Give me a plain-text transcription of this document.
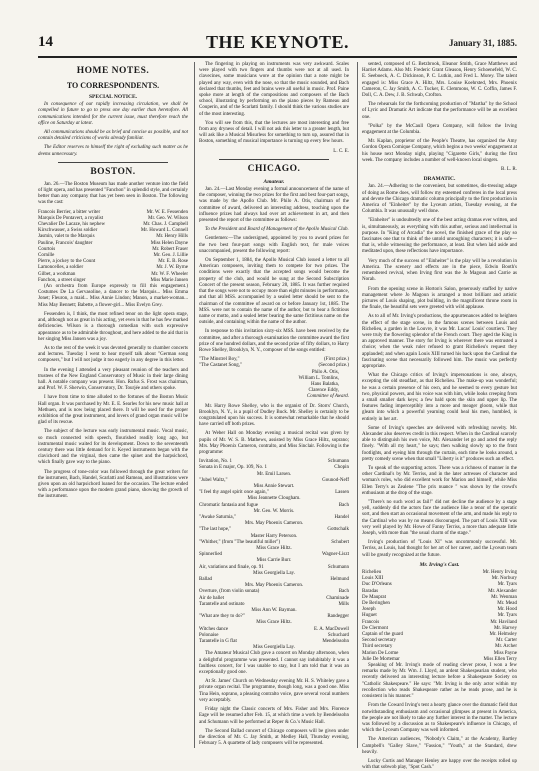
14	THE KEYNOTE.	January 31, 1885.
HOME NOTES.
TO CORRESPONDENTS.
SPECIAL NOTICE.

In consequence of our rapidly increasing circulation, we shall be compelled in future to go to press one day earlier than heretofore. All communications intended for the current issue, must therefore reach the office on Saturday at latest.

All communications should be as brief and concise as possible, and not contain detailed criticisms of works already familiar.

The Editor reserves to himself the right of excluding such matter as he deems unnecessary.

BOSTON.

Jan. 26.—The Boston Museum has made another venture into the field of light opera, and has presented "Fanchon" in splendid style, and certainly better than any company that has yet been seen in Boston. The following was the cast:

Francois Berrier, a bitter writer	Mr. W. E. Fessenden
Marquis De Pontavert, a royalist	Mr. Geo. W. Wilson
Chevalier De Lacaze, his nephew	Mr. Chas. J. Campbell
Kirschwasser, a Swiss soldier	Mr. Howard L. Connell
Jasmin, valet to the Marquis	Mr. Henry Hills
Pauline, Francois' daughter	Miss Helen Dayne
Courtois	Mr. Robert Fraser
Cornille	Mr. Geo. J. Lillie
Pierre, a jockey to the Count	Mr. E. B. Rose
Lamoncelles, a soldier	Mr. J. W. Byrne
Gilbet, a workman	Mr. W. F. Wheeler
Fanchon, a street singer	Miss Marie Jansen

(An orchestra from Europe expressly to fill this engagement.) Costumes De La Gervasoline, a dancer to the Marquis... Miss Emma Jonet; Fleuron, a maid... Miss Annie Lindon; Manon, a market-woman... Miss May Bennett; Babette, a flower-girl... Miss Evelyn Grey.

Fessenden is, I think, the most refined tenor on the light opera stage, and, although not as great in his acting, yet even in that he has few marked deficiencies. Wilson is a thorough comedian with such expressive appearance as to be admirable throughout, and here added to the aid that in her singing Miss Jansen was a joy.

As to the rest of the week it was devoted generally to chamber concerts and lectures. Tuesday I went to hear myself talk about "German song composers," but I will not judge it too eagerly in any degree in this letter.

In the evening I attended a very pleasant reunion of the teachers and trustees of the New England Conservatory of Music in their large dining hall. A notable company was present. Hon. Rufus S. Frost was chairman, and Prof. W. F. Sherwin, Conservatory, Dr. Tourjée and others spoke.

I have from time to time alluded to the fortunes of the Boston Music Hall organ. It was purchased by Mr. E. E. Searles for his new music hall at Methuen, and is now being placed there. It will be used for the proper exhibition of the great instrument, and lovers of grand organ music will be glad of its rescue.

The subject of the lecture was early instrumental music. Vocal music, so much connected with speech, flourished readily long ago, but instrumental music waited for its development. Down to the seventeenth century there was little demand for it. Keyed instruments began with the clavichord and the virginal, then came the spinet and the harpsichord, which finally gave way to the piano.

The progress of tone-color was followed through the great writers for the instrument, Bach, Handel, Scarlatti and Rameau, and illustrations were given upon an old harpsichord loaned for the occasion. The lecture ended with a performance upon the modern grand piano, showing the growth of the instrument.

The fingering in playing on instruments was very awkward. Scales were played with two fingers and thumbs were not at all used. In clavecines, some musicians wore at the opinion that a note might be played any way, even with the nose, so that the music sounded, and Bach declared that thumbs, feet and brains were all useful in music. Prof. Paine spoke more at length of the compositions and composers of the Bach school, illustrating by performing on the piano pieces by Rameau and Couperin, and of the Scarlatti family. I should think the various studies are of the most interesting.

You will see from this, that the lectures are most interesting and free from any dryness of detail. I will not ask this letter to a greater length, but will ask like a Musical Misurless for something to turn up, assured that in Boston, something of musical importance is turning up every few hours.

L. C. E.
CHICAGO.
Amateur.

Jan. 24.—Last Monday evening a formal announcement of the name of the composer, winning the two prizes for the first and best four-part songs, was made by the Apollo Club. Mr. Philo A. Otis, chairman of the committee of award, delivered an interesting address, touching upon the influence prizes had always had over art achievement in art, and then presented the report of the committee as follows:

To the President and Board of Management of the Apollo Musical Club.

Gentlemen:—The undersigned, appointed by you to award prizes for the two best four-part songs with English text, for male voices unaccompanied, present the following report:

On September 1, 1884, the Apollo Musical Club issued a letter to all American composers, inviting them to compete for two prizes. The conditions were exactly that the accepted songs would become the property of the club, and would be sung at the Second Subscription Concert of the present season, February 28, 1885. It was further required that the songs were not to occupy more than eight minutes in performance, and that all MSS. accompanied by a sealed letter should be sent to the chairman of the committee of award on or before January 1st, 1885. The MSS. were not to contain the name of the author, but to bear a fictitious name or motto, and a sealed letter bearing the same fictitious name on the outside, and containing within the name of the author.

In response to this invitation sixty-six MSS. have been received by the committee, and after a thorough examination the committee award the first prize of one hundred dollars, and the second prize of fifty dollars, to Harry Rowe Shelley, Brooklyn, N. Y., composer of the songs entitled:

"The Minstrel Boy,"	(First prize.)
"The Castanet Song,"	(Second prize.)
Philo A. Otis,
William L. Tomlins,
Hans Balatka,
Clarence Eddy,
Committee of Award.

Mr. Harry Rowe Shelley, who is the organist of Dr. Storrs' Church, Brooklyn, N. Y., is a pupil of Dudley Buck. Mr. Shelley is certainly to be congratulated upon his success. It is somewhat remarkable that he should have carried off both prizes.

At Weber Hall on Monday evening a musical recital was given by pupils of Mr. W. S. B. Mathews, assisted by Miss Grace Hiltz, soprano; Mrs. May Phoenix Cameron, contralto, and Miss Sinclair. Following is the programme:

Invitation, No. 1	Schumann
Sonata in E major, Op. 109, No. 1	Chopin
Mr. Emil Larsen.
"Jubel Waltz,"	Gounod-Neff
Miss Annie Stewart.
"I feel thy angel spirit once again,"	Lassen
Miss Jeannette Clougham.
Chromatic fantasia and fugue	Bach
Mr. Geo. W. Morris.
"Awake Saturnia,"	Handel
Mrs. May Phoenix Cameron.
"The last hope,"	Gottschalk
Master Harry Peterson.
"Whither," (from "The beautiful miller")	Schubert
Miss Grace Hiltz.
Spinnerlied	Wagner-Liszt
Miss Carrie Burr.
Air, variations and finale, op. 91	Schumann
Miss Georgiella Lay.
Ballad	Helmund
Mrs. May Phoenix Cameron.
Overture, (from violin sonata)	Bach
Air de ballet	Chaminade
Tarantelle and ostinato	Mills
Miss Ann W. Bayman.
"What are they to do?"	Randegger
Miss Grace Hiltz.
Witches dance	E. A. MacDowell
Polonaise	Schuchard
Tarantelle in G flat	Mendelssohn
Miss Georgiella Lay.

The Amateur Musical Club gave a concert on Monday afternoon, when a delightful programme was presented. I cannot say indubitably it was a faultless concert, for I was unable to stay, but I am told that it was an exceptionally good one.

At St. James' Church on Wednesday evening Mr. H. S. Whiteley gave a private organ recital. The programme, though long, was a good one. Miss Tina Hein, soprano, a pleasing contralto voice, gave several vocal numbers very acceptably.

Friday night the Classic concerts of Mrs. Fisher and Mrs. Florence Eage will be resumed after Feb. 15, at which time a work by Bendelssohn and Schumann will be performed at Reper & Co.'s Music Hall.

The Second Ballad concert of Chicago composers will be given under the direction of Mr. C. Jay Smith, at Medley Hall, Thursday evening, February 5. A quartette of lady composers will be represented.

sented, composed of G. Betzbrook, Eleanor Smith, Grace Matthews and Harriet Adams. Also Mr. Frederic Grant Gleason, Henry Schoenefeld, W. C. E. Seeboeck, A. C. Dickinson, P. C. Lutkin, and Fred L. Morey. The talent engaged is: Miss Grace A. Hiltz, Mrs. Louise Koehrsted, Mrs. Phoenix Cameron, C. Jay Smith, A. C. Tucker, E. Clemmons, W. C. Coffin, James F. Doll, C. A. Dew, J. B. Schwab, Crofton.

The rehearsals for the forthcoming production of "Martha" by the School of Lyric and Dramatic Art indicate that the performance will be an excellent one.

"Polka" by the McCaull Opera Company, will follow the Irving engagement at the Columbia.

Mr. Kaplan, proprietor of the People's Theatre, has organized the Amy Gordon Opera Comique Company, which begins a two weeks' engagement at his house next Monday night, playing "Cigarette Girls," during the first week. The company includes a number of well-known local singers.

B. L. R.
DRAMATIC.

Jan. 24.—Adhering to the convenient, but sometimes, dis-tressing adage of doing as Rome does, will follow my esteemed confreres in the local press and devote the Chicago dramatic column principally to the first production in America of "Einheiter" by the Lyceum artists, Tuesday evening, at the Columbia. It was unusually well done.

"Einheiter" is undoubtedly one of the best acting dramas ever written, and is, simultaneously, as everything with this author, serious and intellectual in purpose. In "King of Arcadia" the novel, the finished grace of the play so fascinates one that to think of the untold unroughing characters; it is safe—that is, while witnessing the performance, at least. But when laid aside and meditated upon, these reflections have importance.

Very much of the success of "Einheiter" is the play will be a revolution in America. The scenery and effects are in the piece, Edwin Booth's remembered revival, when Irving first was the Jo Magoun and Carrie as Norah.

From the opening scene in Horton's Salon, generously staffed by native management where Jo Magoun is arranged a most brilliant and artistic pictures of Louis shaping, plot building, in the magnificent throne room in the finale, the beautiful sets were greeted with wild applause.

As to all of Mr. Irving's productions, the appurtenances added to heighten the effect of the stage scene, in the famous scenes between Louis and Richelieu, a garden in the Louvre, it was Mr. Lucas' Louis' courtiers. They were truly the flowering splendor of the French court. They aged the King in an approved manner. The story for Irving is wherever there was entrusted a choice; when the weak ruler refused to grant Richelieu's request they applauded; and when again Louis XIII turned his back upon the Cardinal the fascinating scene that necessarily followed him. The music was perfectly appropriate.

What the Chicago critics of Irving's impersonations is one, always, excepting the old steadfast, as that Richelieu. The make-up was wonderful; he was a certain presence of his own, and he seemed to every gesture but two, physical powers, and his voice was with him, while looks creeping from a small smaller dark keys; a few bald spots the skin and upper lip. The features fading imperceptibly into a more and meager gloom, while that gleam into which a powerful yearning could heal his men, humbled, is entirely in her art.

Some of Irving's speeches are delivered with refreshing novelty. Mr. Alexander also deserves credit in this respect. When in the Cardinal scarcely able to distinguish his own voice, Mr. Alexander let go and acted the reply finely. "With all my heart," he says; then walking slowly up to the front footlights, and eyeing him through the curtain, each time he looks around, a pretty comedy scene when that small "Liberty is it" produces such an effect.

To speak of the supporting actors. There was a richness of manner in the other Cardinal's by Mr. Terriss, and in the later actresses of character and woman's roles, who did excellent work for Marion and himself, while Miss Ellen Terry's as Zealene "The prix nuance " was shown by the crowd's enthusiasm at the drop of the stage.

"There's no such word as fail!" did not decline the audience by a stage yell, suddenly did the actors face the audience like a tenor of the operatic sort, and then start an occasional movement of the arm, and made his reply to the Cardinal who was by no means discouraged. The part of Louis XIII was very well played by Mr. Howe of Fanny Terriss, a more than adequate little Joseph, with more than "the usual charm of the stage."

Irving's production of "Louis XI" was uncommonly successful. Mr. Terriss, as Louis, had thought for her art of her career, and the Lyceum team will be greatly recognized at the future.

Mr. Irving's Cast.
Richelieu	Mr. Henry Irving
Louis XIII	Mr. Norbury
Duc D'Orleans	Mr. Tyars
Baradas	Mr. Alexander
De Mauprat	Mr. Wenman
De Beringhen	Mr. Mead
Joseph	Mr. Hood
Huguet	Mr. Tyars
Francois	Mr. Haviland
De Clermont	Mr. Harvey
Captain of the guard	Mr. Helmsley
Second secretary	Mr. Carter
Third secretary	Mr. Archer
Marion De Lorme	Miss Payne
Julie De Mortemar	Miss Ellen Terry

Speaking of Mr. Irving's mode of reading clever prose, I won a few remarks made by Mr. Wm. J. Lloyd, an ardent Shakespearian student, who recently delivered an interesting lecture before a Shakespeare Society on "Catholic Shakespeare." He says: "Mr. Irving is the only actor within my recollection who reads Shakespeare rather as he reads prose, and he is consistent in his manner."

From the Coward Irving's tent a hearty glance over the dramatic field that notwithstanding enthusiasm and occasional glimpses at present in America, the people are not likely to take any further interest in the matter. The lecture was followed by a discussion as to Shakespeare's influence in Chicago, of which the Lyceum Company was well informed.

The American audiences, "Nobody's Claim," at the Academy, Bartley Campbell's "Galley Slave," "Fassion," "Youth," at the Standard, drew heavily.

Lucky Curtis and Manager Henley are happy over the receipts rolled up with that sobwob play, "Spot Cash."
